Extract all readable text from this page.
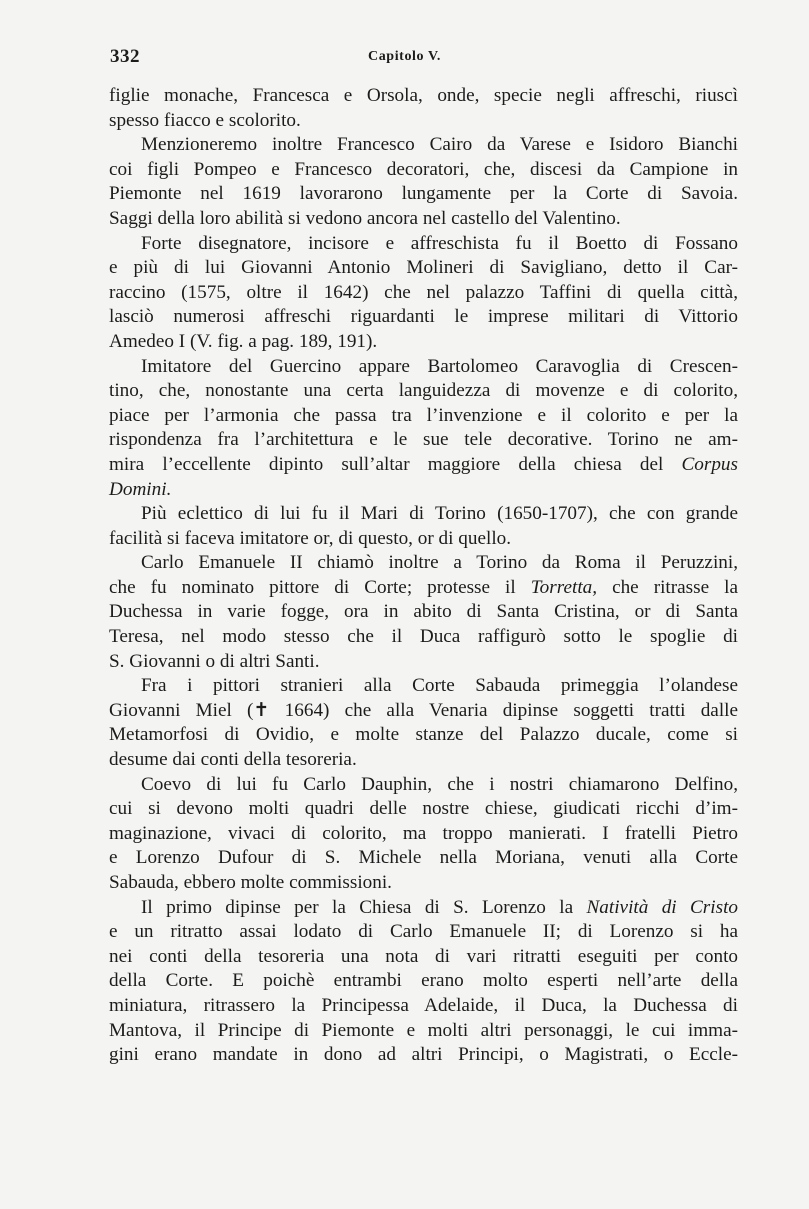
332	Capitolo V.
figlie monache, Francesca e Orsola, onde, specie negli affreschi, riuscì
spesso fiacco e scolorito.
Menzioneremo inoltre Francesco Cairo da Varese e Isidoro Bianchi
coi figli Pompeo e Francesco decoratori, che, discesi da Campione in
Piemonte nel 1619 lavorarono lungamente per la Corte di Savoia.
Saggi della loro abilità si vedono ancora nel castello del Valentino.
Forte disegnatore, incisore e affreschista fu il Boetto di Fossano
e più di lui Giovanni Antonio Molineri di Savigliano, detto il Car-
raccino (1575, oltre il 1642) che nel palazzo Taffini di quella città,
lasciò numerosi affreschi riguardanti le imprese militari di Vittorio
Amedeo I (V. fig. a pag. 189, 191).
Imitatore del Guercino appare Bartolomeo Caravoglia di Crescen-
tino, che, nonostante una certa languidezza di movenze e di colorito,
piace per l’armonia che passa tra l’invenzione e il colorito e per la
rispondenza fra l’architettura e le sue tele decorative. Torino ne am-
mira l’eccellente dipinto sull’altar maggiore della chiesa del Corpus
Domini.
Più eclettico di lui fu il Mari di Torino (1650-1707), che con grande
facilità si faceva imitatore or, di questo, or di quello.
Carlo Emanuele II chiamò inoltre a Torino da Roma il Peruzzini,
che fu nominato pittore di Corte; protesse il Torretta, che ritrasse la
Duchessa in varie fogge, ora in abito di Santa Cristina, or di Santa
Teresa, nel modo stesso che il Duca raffigurò sotto le spoglie di
S. Giovanni o di altri Santi.
Fra i pittori stranieri alla Corte Sabauda primeggia l’olandese
Giovanni Miel (✝ 1664) che alla Venaria dipinse soggetti tratti dalle
Metamorfosi di Ovidio, e molte stanze del Palazzo ducale, come si
desume dai conti della tesoreria.
Coevo di lui fu Carlo Dauphin, che i nostri chiamarono Delfino,
cui si devono molti quadri delle nostre chiese, giudicati ricchi d’im-
maginazione, vivaci di colorito, ma troppo manierati. I fratelli Pietro
e Lorenzo Dufour di S. Michele nella Moriana, venuti alla Corte
Sabauda, ebbero molte commissioni.
Il primo dipinse per la Chiesa di S. Lorenzo la Natività di Cristo
e un ritratto assai lodato di Carlo Emanuele II; di Lorenzo si ha
nei conti della tesoreria una nota di vari ritratti eseguiti per conto
della Corte. E poichè entrambi erano molto esperti nell’arte della
miniatura, ritrassero la Principessa Adelaide, il Duca, la Duchessa di
Mantova, il Principe di Piemonte e molti altri personaggi, le cui imma-
gini erano mandate in dono ad altri Principi, o Magistrati, o Eccle-
